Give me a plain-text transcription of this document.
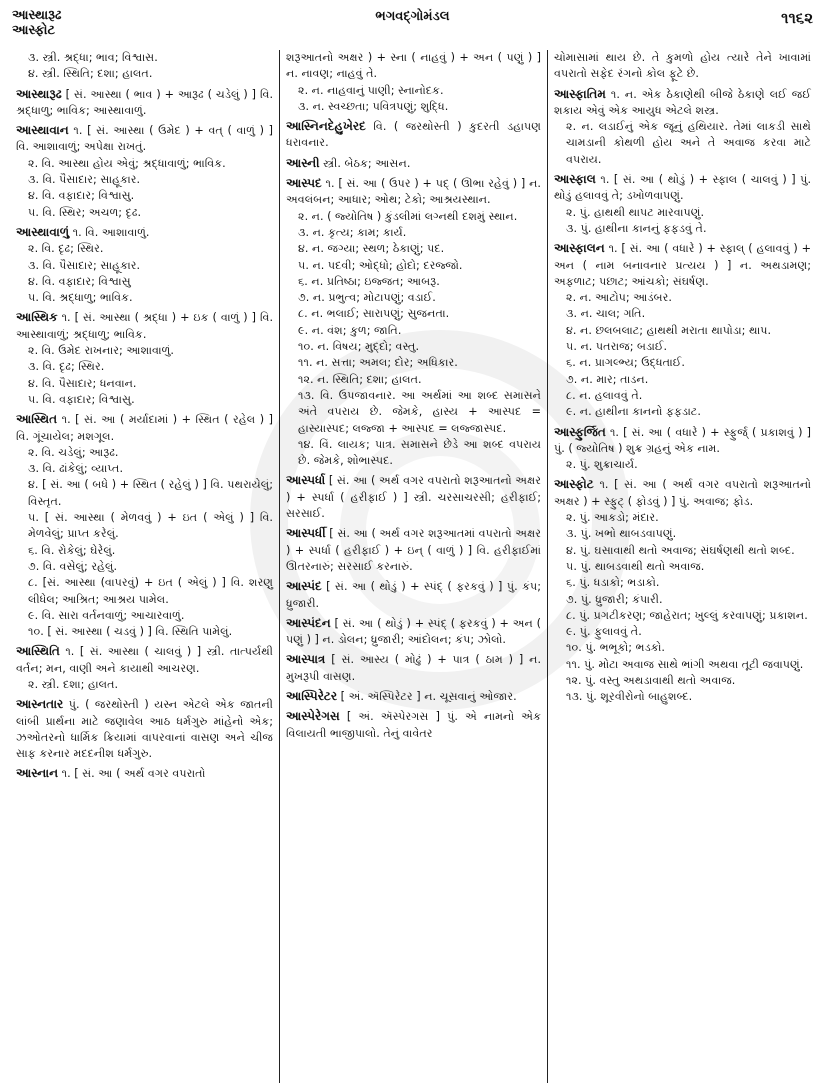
આસ્થારૂઢ
આસ્ફોટ
ભગવદ્ગોમંડલ	૧૧૬૨
૩. સ્ત્રી. શ્રદ્ધા; ભાવ; વિશ્વાસ.
૪. સ્ત્રી. સ્થિતિ; દશા; હાલત.
આસ્થારૂઢ [ સં. આસ્થા ( ભાવ ) + આરૂઢ ( ચડેલું ) ] વિ. શ્રદ્ધાળુ; ભાવિક; આસ્થાવાળું.
આસ્થાવાન ૧. [ સં. આસ્થા ( ઉમેદ ) + વત્ ( વાળું ) ] વિ. આશાવાળું; અપેક્ષા રાખતું.
૨. વિ. આસ્થા હોય એવું; શ્રદ્ધાવાળું; ભાવિક.
૩. વિ. પૈસાદાર; સાહૂકાર.
૪. વિ. વફાદાર; વિશ્વાસુ.
૫. વિ. સ્થિર; અચળ; દૃઢ.
આસ્થાવાળું ૧. વિ. આશાવાળું.
૨. વિ. દૃઢ; સ્થિર.
૩. વિ. પૈસાદાર; સાહૂકાર.
૪. વિ. વફાદાર; વિશ્વાસુ
૫. વિ. શ્રદ્ધાળુ; ભાવિક.
આસ્થિક ૧. [ સં. આસ્થા ( શ્રદ્ધા ) + ઇક ( વાળું ) ] વિ. આસ્થાવાળું; શ્રદ્ધાળુ; ભાવિક.
૨. વિ. ઉમેદ રાખનાર; આશાવાળું.
૩. વિ. દૃઢ; સ્થિર.
૪. વિ. પૈસાદાર; ધનવાન.
૫. વિ. વફાદાર; વિશ્વાસુ.
આસ્થિત ૧. [ સં. આ ( મર્યાદામાં ) + સ્થિત ( રહેલ ) ] વિ. ગૂંચાયેલ; મશગૂલ.
૨. વિ. ચડેલું; આરૂઢ.
૩. વિ. ઢાંકેલું; વ્યાપ્ત.
૪. [ સં. આ ( બધે ) + સ્થિત ( રહેલું ) ] વિ. પથરાયેલું; વિસ્તૃત.
૫. [ સં. આસ્થા ( મેળવવું ) + ઇત ( એલું ) ] વિ. મેળવેલું; પ્રાપ્ત કરેલું.
૬. વિ. રોકેલું; ઘેરેલું.
૭. વિ. વસેલું; રહેલું.
૮. [સં. આસ્થા (વાપરવું) + ઇત ( એલું ) ] વિ. શરણુ લીધેલ; આશ્રિત; આશ્રય પામેલ.
૯. વિ. સારા વર્તનવાળું; આચારવાળું.
૧૦. [ સં. આસ્થા ( ચડવું ) ] વિ. સ્થિતિ પામેલું.
આસ્થિતિ ૧. [ સં. આસ્થા ( ચાલવું ) ] સ્ત્રી. તાત્પર્યથી વર્તન; મન, વાણી અને કાયાથી આચરણ.
૨. સ્ત્રી. દશા; હાલત.
આસ્નતાર પું. ( જરથોસ્તી ) યસ્ન એટલે એક જાતની લાંબી પ્રાર્થના માટે જણાવેલ આઠ ધર્મગુરુ માંહેનો એક; ઝઓતરનો ધાર્મિક ક્રિયામાં વાપરવાનાં વાસણ અને ચીજ સાફ કરનાર મદદનીશ ધર્મગુરુ.
આસ્નાન ૧. [ સં. આ ( અર્થ વગર વપરાતો
શરૂઆતનો અક્ષર ) + સ્ના ( નાહવું ) + અન ( પણું ) ] ન. નાવણ; નાહવું તે.
૨. ન. નાહવાનું પાણી; સ્નાનોદક.
૩. ન. સ્વચ્છતા; પવિત્રપણું; શુદ્ધિ.
આસ્નિનદેહુખેરદ વિ. ( જરથોસ્તી ) કુદરતી ડહાપણ ધરાવનાર.
આસ્ની સ્ત્રી. બેઠક; આસન.
આસ્પદ ૧. [ સં. આ ( ઉપર ) + પદ્ ( ઊભા રહેવું ) ] ન. અવલંબન; આધાર; ઓથ; ટેકો; આશ્રયસ્થાન.
૨. ન. ( જ્યોતિષ ) કુંડલીમાં લગ્નથી દશમું સ્થાન.
૩. ન. કૃત્ય; કામ; કાર્ય.
૪. ન. જગ્યા; સ્થળ; ઠેકાણું; પદ.
૫. ન. પદવી; ઓદ્ધો; હોદો; દરજ્જો.
૬. ન. પ્રતિષ્ઠા; ઇજ્જત; આબરૂ.
૭. ન. પ્રભુત્વ; મોટાપણું; વડાઈ.
૮. ન. ભલાઈ; સારાપણું; સુજનતા.
૯. ન. વંશ; કુળ; જાતિ.
૧૦. ન. વિષય; મુદ્દો; વસ્તુ.
૧૧. ન. સત્તા; અમલ; દોર; અધિકાર.
૧૨. ન. સ્થિતિ; દશા; હાલત.
૧૩. વિ. ઉપજાવનાર. આ અર્થમાં આ શબ્દ સમાસને અંતે વપરાય છે. જેમકે, હાસ્ય + આસ્પદ = હાસ્યાસ્પદ; લજ્જા + આસ્પદ = લજ્જાસ્પદ.
૧૪. વિં. લાયક; પાત્ર. સમાસને છેડે આ શબ્દ વપરાય છે. જેમકે, શોભાસ્પદ.
આસ્પર્ધા [ સં. આ ( અર્થ વગર વપરાતો શરૂઆતનો અક્ષર ) + સ્પર્ધા ( હરીફાઈ ) ] સ્ત્રી. ચરસાચરસી; હરીફાઈ; સરસાઈ.
આસ્પર્ધી [ સં. આ ( અર્થ વગર શરૂઆતમાં વપરાતો અક્ષર ) + સ્પર્ધા ( હરીફાઈ ) + ઇન્ ( વાળું ) ] વિ. હરીફાઈમાં ઊતરનારું; સરસાઈ કરનારું.
આસ્પંદ [ સં. આ ( થોડું ) + સ્પંદ્ ( ફરકવું ) ] પું. કંપ; ધ્રુજારી.
આસ્પંદન [ સં. આ ( થોડું ) + સ્પંદ્ ( ફરકવું ) + અન ( પણું ) ] ન. ડોલન; ધ્રુજારી; આંદોલન; કંપ; ઝોલો.
આસ્પાત્ર [ સં. આસ્ય ( મોઢું ) + પાત્ર ( ઠામ ) ] ન. મુખરૂપી વાસણ.
આસ્પિરેટર [ અં. ઍસ્પિરેટર ] ન. ચૂસવાનું ઓજાર.
આસ્પેરેગસ [ અં. ઍસ્પેરગસ ] પું. એ નામનો એક વિલાયતી ભાજીપાલો. તેનું વાવેતર
ચોમાસામાં થાય છે. તે કુમળો હોય ત્યારે તેને ખાવામાં વપરાતો સફેદ રંગનો કોલ ફૂટે છે.
આસ્ફાતિમ ૧. ન. એક ઠેકાણેથી બીજે ઠેકાણે લઈ જઈ શકાય એવું એક આયુધ એટલે શસ્ત્ર.
૨. ન. લડાઈનું એક જૂનું હથિયાર. તેમાં લાકડી સાથે ચામડાની કોથળી હોય અને તે અવાજ કરવા માટે વપરાય.
આસ્ફાલ ૧. [ સં. આ ( થોડું ) + સ્ફાલ ( ચાલવું ) ] પું. થોડું હલાવવું તે; ડખોળવાપણું.
૨. પું. હાથથી થાપટ મારવાપણું.
૩. પું. હાથીના કાનનું ફફડવું તે.
આસ્ફાલન ૧. [ સં. આ ( વધારે ) + સ્ફાલ્ ( હલાવવું ) + અન ( નામ બનાવનાર પ્રત્યય ) ] ન. અથડામણ; અફળાટ; પછાટ; આંચકો; સંઘર્ષણ.
૨. ન. આટોપ; આડંબર.
૩. ન. ચાલ; ગતિ.
૪. ન. છલબલાટ; હાથથી મરાતા થાપોડા; થાપ.
૫. ન. પતરાજ; બડાઈ.
૬. ન. પ્રાગલ્ભ્ય; ઉદ્ધતાઈ.
૭. ન. માર; તાડન.
૮. ન. હલાવવું તે.
૯. ન. હાથીના કાનનો ફફડાટ.
આસ્ફુર્જિત ૧. [ સં. આ ( વધારે ) + સ્ફુર્જ્ ( પ્રકાશવું ) ] પું. ( જ્યોતિષ ) શુક્ર ગ્રહનું એક નામ.
૨. પું. શુક્રાચાર્ય.
આસ્ફોટ ૧. [ સં. આ ( અર્થ વગર વપરાતો શરૂઆતનો અક્ષર ) + સ્ફુટ્ ( ફોડવું ) ] પું. અવાજ; ફોડ.
૨. પું. આકડો; મંદાર.
૩. પું. ખભો થાબડવાપણું.
૪. પું. ઘસાવાથી થતો અવાજ; સંઘર્ષણથી થતો શબ્દ.
૫. પું. થાબડવાથી થતો અવાજ.
૬. પું. ધડાકો; ભડાકો.
૭. પું. ધ્રુજારી; કંપારી.
૮. પું. પ્રગટીકરણ; જાહેરાત; ખુલ્લું કરવાપણું; પ્રકાશન.
૯. પું. ફુલાવવું તે.
૧૦. પું. ભભૂકો; ભડકો.
૧૧. પું. મોટા અવાજ સાથે ભાંગી અથવા તૂટી જવાપણું.
૧૨. પું. વસ્તુ અથડાવાથી થતો અવાજ.
૧૩. પું. શૂરવીરોનો બાહુશબ્દ.
